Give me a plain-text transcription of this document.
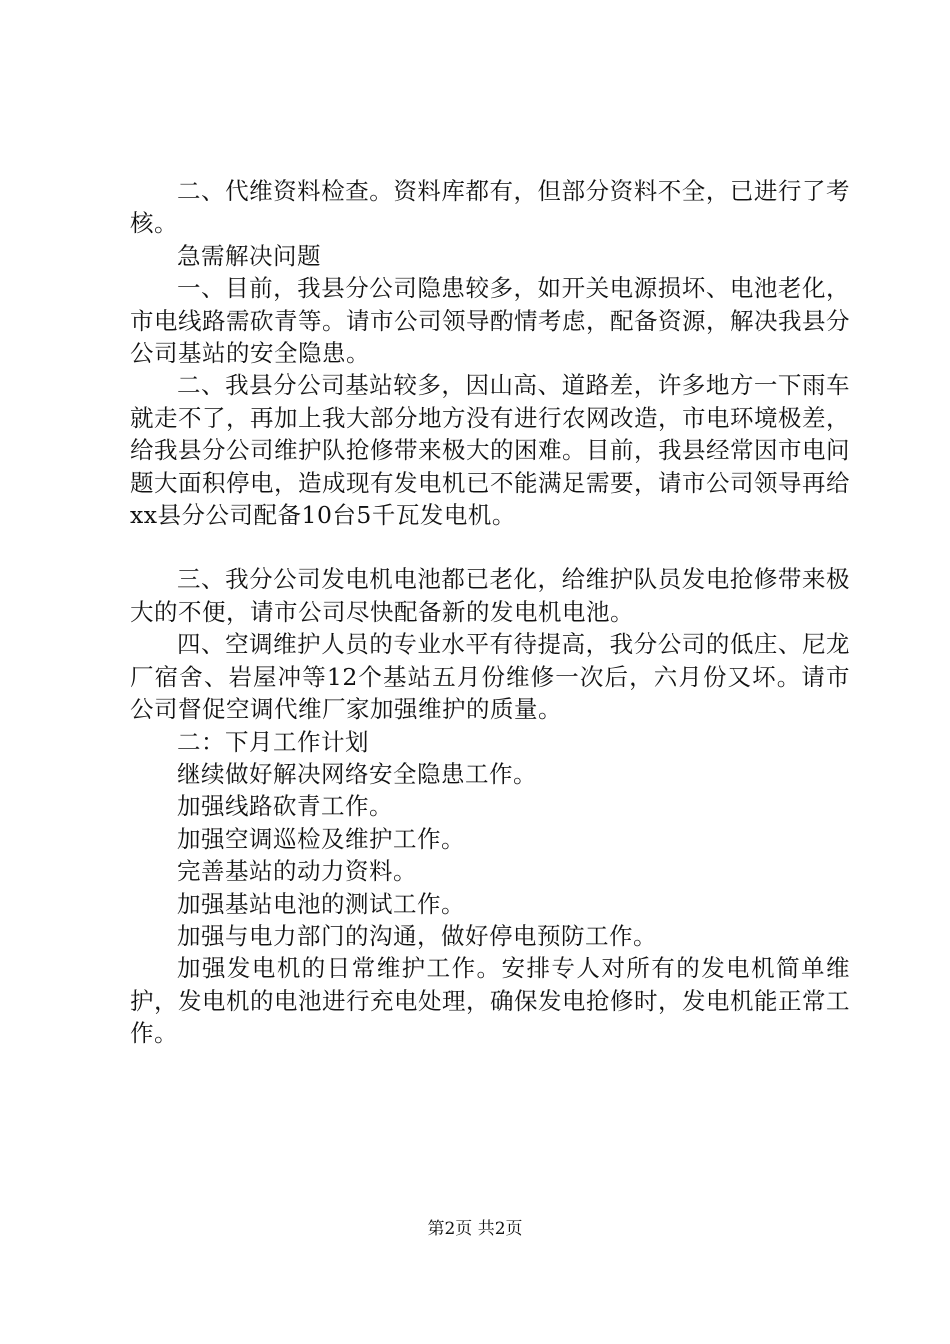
二、代维资料检查。资料库都有，但部分资料不全，已进行了考核。

急需解决问题

一、目前，我县分公司隐患较多，如开关电源损坏、电池老化，市电线路需砍青等。请市公司领导酌情考虑，配备资源，解决我县分公司基站的安全隐患。

二、我县分公司基站较多，因山高、道路差，许多地方一下雨车就走不了，再加上我大部分地方没有进行农网改造，市电环境极差，给我县分公司维护队抢修带来极大的困难。目前，我县经常因市电问题大面积停电，造成现有发电机已不能满足需要，请市公司领导再给xx县分公司配备10台5千瓦发电机。

三、我分公司发电机电池都已老化，给维护队员发电抢修带来极大的不便，请市公司尽快配备新的发电机电池。

四、空调维护人员的专业水平有待提高，我分公司的低庄、尼龙厂宿舍、岩屋冲等12个基站五月份维修一次后，六月份又坏。请市公司督促空调代维厂家加强维护的质量。

二：下月工作计划

继续做好解决网络安全隐患工作。

加强线路砍青工作。

加强空调巡检及维护工作。

完善基站的动力资料。

加强基站电池的测试工作。

加强与电力部门的沟通，做好停电预防工作。

加强发电机的日常维护工作。安排专人对所有的发电机简单维护，发电机的电池进行充电处理，确保发电抢修时，发电机能正常工作。

第2页 共2页
